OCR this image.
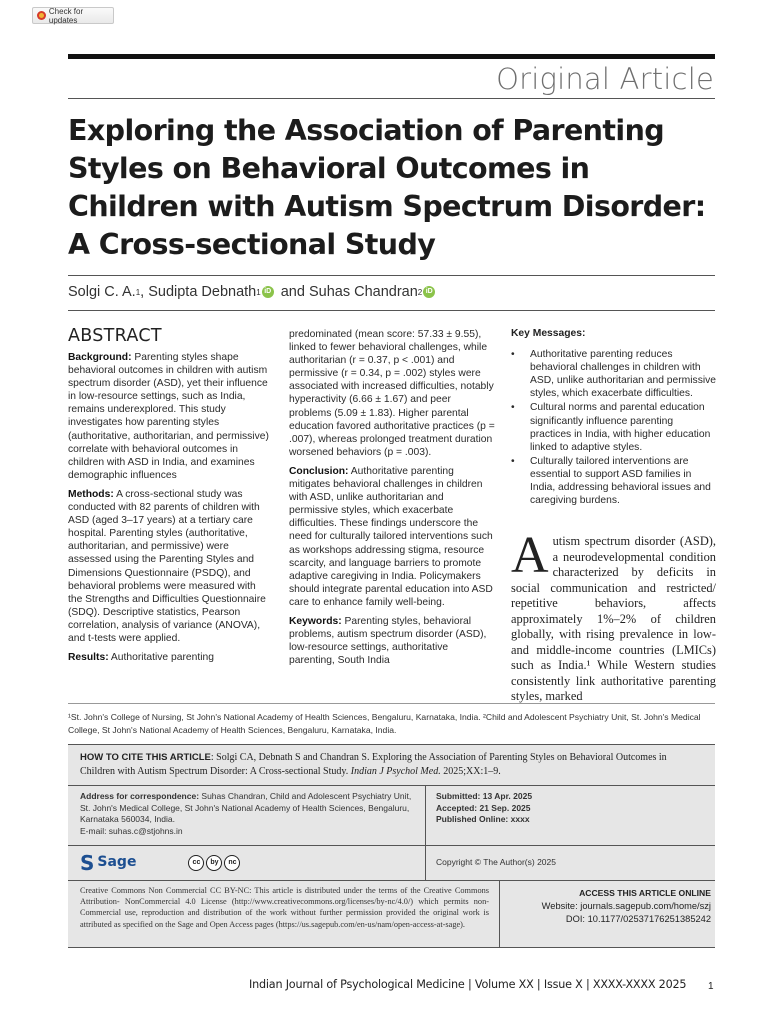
Check for updates
Original Article
Exploring the Association of Parenting Styles on Behavioral Outcomes in Children with Autism Spectrum Disorder: A Cross-sectional Study
Solgi C. A. 1 , Sudipta Debnath 1 iD and Suhas Chandran 2 iD
ABSTRACT

Background: Parenting styles shape behavioral outcomes in children with autism spectrum disorder (ASD), yet their influence in low-resource settings, such as India, remains underexplored. This study investigates how parenting styles (authoritative, authoritarian, and permissive) correlate with behavioral outcomes in children with ASD in India, and examines demographic influences

Methods: A cross-sectional study was conducted with 82 parents of children with ASD (aged 3–17 years) at a tertiary care hospital. Parenting styles (authoritative, authoritarian, and permissive) were assessed using the Parenting Styles and Dimensions Questionnaire (PSDQ), and behavioral problems were measured with the Strengths and Difficulties Questionnaire (SDQ). Descriptive statistics, Pearson correlation, analysis of variance (ANOVA), and t-tests were applied.

Results: Authoritative parenting

predominated (mean score: 57.33 ± 9.55), linked to fewer behavioral challenges, while authoritarian (r = 0.37, p < .001) and permissive (r = 0.34, p = .002) styles were associated with increased difficulties, notably hyperactivity (6.66 ± 1.67) and peer problems (5.09 ± 1.83). Higher parental education favored authoritative practices (p = .007), whereas prolonged treatment duration worsened behaviors (p = .003).

Conclusion: Authoritative parenting mitigates behavioral challenges in children with ASD, unlike authoritarian and permissive styles, which exacerbate difficulties. These findings underscore the need for culturally tailored interventions such as workshops addressing stigma, resource scarcity, and language barriers to promote adaptive caregiving in India. Policymakers should integrate parental education into ASD care to enhance family well-being.

Keywords: Parenting styles, behavioral problems, autism spectrum disorder (ASD), low-resource settings, authoritative parenting, South India

Key Messages:
• Authoritative parenting reduces behavioral challenges in children with ASD, unlike authoritarian and permissive styles, which exacerbate difficulties.
• Cultural norms and parental education significantly influence parenting practices in India, with higher education linked to adaptive styles.
• Culturally tailored interventions are essential to support ASD families in India, addressing behavioral issues and caregiving burdens.
Autism spectrum disorder (ASD), a neurodevelopmental condition characterized by deficits in social communication and restricted/ repetitive behaviors, affects approximately 1%–2% of children globally, with rising prevalence in low- and middle-income countries (LMICs) such as India.¹ While Western studies consistently link authoritative parenting styles, marked
¹St. John's College of Nursing, St John's National Academy of Health Sciences, Bengaluru, Karnataka, India. ²Child and Adolescent Psychiatry Unit, St. John's Medical College, St John's National Academy of Health Sciences, Bengaluru, Karnataka, India.
HOW TO CITE THIS ARTICLE: Solgi CA, Debnath S and Chandran S. Exploring the Association of Parenting Styles on Behavioral Outcomes in Children with Autism Spectrum Disorder: A Cross-sectional Study. Indian J Psychol Med. 2025;XX:1–9.
Address for correspondence: Suhas Chandran, Child and Adolescent Psychiatry Unit, St. John's Medical College, St John's National Academy of Health Sciences, Bengaluru, Karnataka 560034, India.
E-mail: suhas.c@stjohns.in
Submitted: 13 Apr. 2025
Accepted: 21 Sep. 2025
Published Online: xxxx
S Sage	cc	by	nc	Copyright © The Author(s) 2025
Creative Commons Non Commercial CC BY-NC: This article is distributed under the terms of the Creative Commons Attribution- NonCommercial 4.0 License (http://www.creativecommons.org/licenses/by-nc/4.0/) which permits non-Commercial use, reproduction and distribution of the work without further permission provided the original work is attributed as specified on the Sage and Open Access pages (https://us.sagepub.com/en-us/nam/open-access-at-sage).
ACCESS THIS ARTICLE ONLINE
Website: journals.sagepub.com/home/szj
DOI: 10.1177/02537176251385242
Indian Journal of Psychological Medicine | Volume XX | Issue X | XXXX-XXXX 2025 1
